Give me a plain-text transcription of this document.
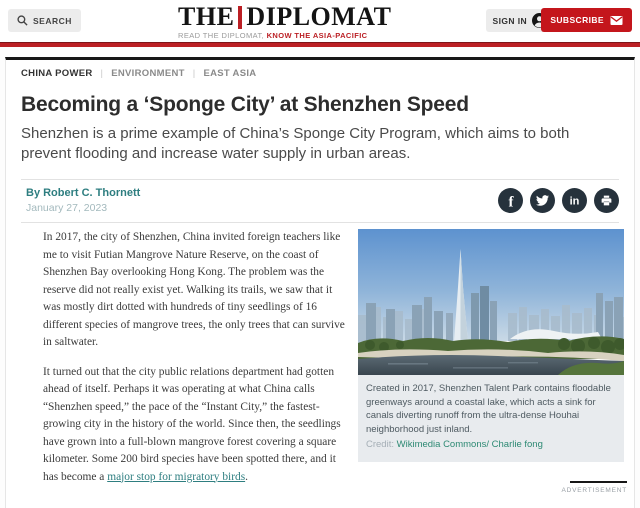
SEARCH	THE DIPLOMAT
READ THE DIPLOMAT, KNOW THE ASIA-PACIFIC
SIGN IN	SUBSCRIBE
CHINA POWER | ENVIRONMENT | EAST ASIA
Becoming a ‘Sponge City’ at Shenzhen Speed

Shenzhen is a prime example of China’s Sponge City Program, which aims to both prevent flooding and increase water supply in urban areas.

By Robert C. Thornett
January 27, 2023	f	in

In 2017, the city of Shenzhen, China invited foreign teachers like me to visit Futian Mangrove Nature Reserve, on the coast of Shenzhen Bay overlooking Hong Kong. The problem was the reserve did not really exist yet. Walking its trails, we saw that it was mostly dirt dotted with hundreds of tiny seedlings of 16 different species of mangrove trees, the only trees that can survive in saltwater.

It turned out that the city public relations department had gotten ahead of itself. Perhaps it was operating at what China calls “Shenzhen speed,” the pace of the “Instant City,” the fastest-growing city in the history of the world. Since then, the seedlings have grown into a full-blown mangrove forest covering a square kilometer. Some 200 bird species have been spotted there, and it has become a major stop for migratory birds.

Created in 2017, Shenzhen Talent Park contains floodable greenways around a coastal lake, which acts a sink for canals diverting runoff from the ultra-dense Houhai neighborhood just inland.
Credit: Wikimedia Commons/ Charlie fong
ADVERTISEMENT
